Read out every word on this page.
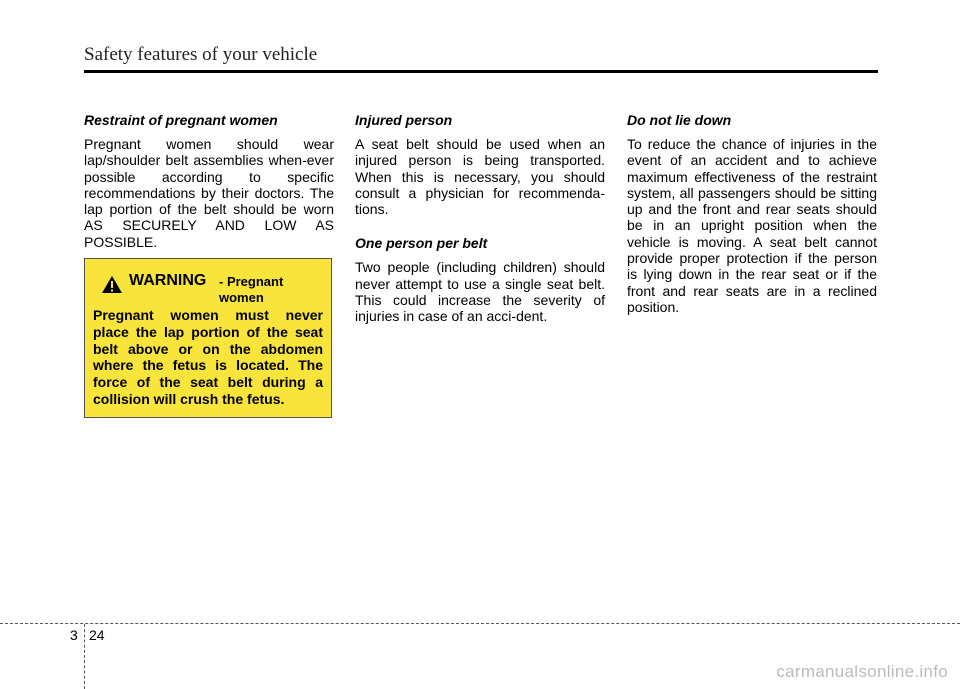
Safety features of your vehicle
Restraint of pregnant women

Pregnant women should wear lap/shoulder belt assemblies when-ever possible according to specific recommendations by their doctors. The lap portion of the belt should be worn AS SECURELY AND LOW AS POSSIBLE.

WARNING - Pregnant women

Pregnant women must never place the lap portion of the seat belt above or on the abdomen where the fetus is located. The force of the seat belt during a collision will crush the fetus.

Injured person

A seat belt should be used when an injured person is being transported. When this is necessary, you should consult a physician for recommenda-tions.

One person per belt

Two people (including children) should never attempt to use a single seat belt. This could increase the severity of injuries in case of an acci-dent.

Do not lie down

To reduce the chance of injuries in the event of an accident and to achieve maximum effectiveness of the restraint system, all passengers should be sitting up and the front and rear seats should be in an upright position when the vehicle is moving. A seat belt cannot provide proper protection if the person is lying down in the rear seat or if the front and rear seats are in a reclined position.

3 24
carmanualsonline.info
